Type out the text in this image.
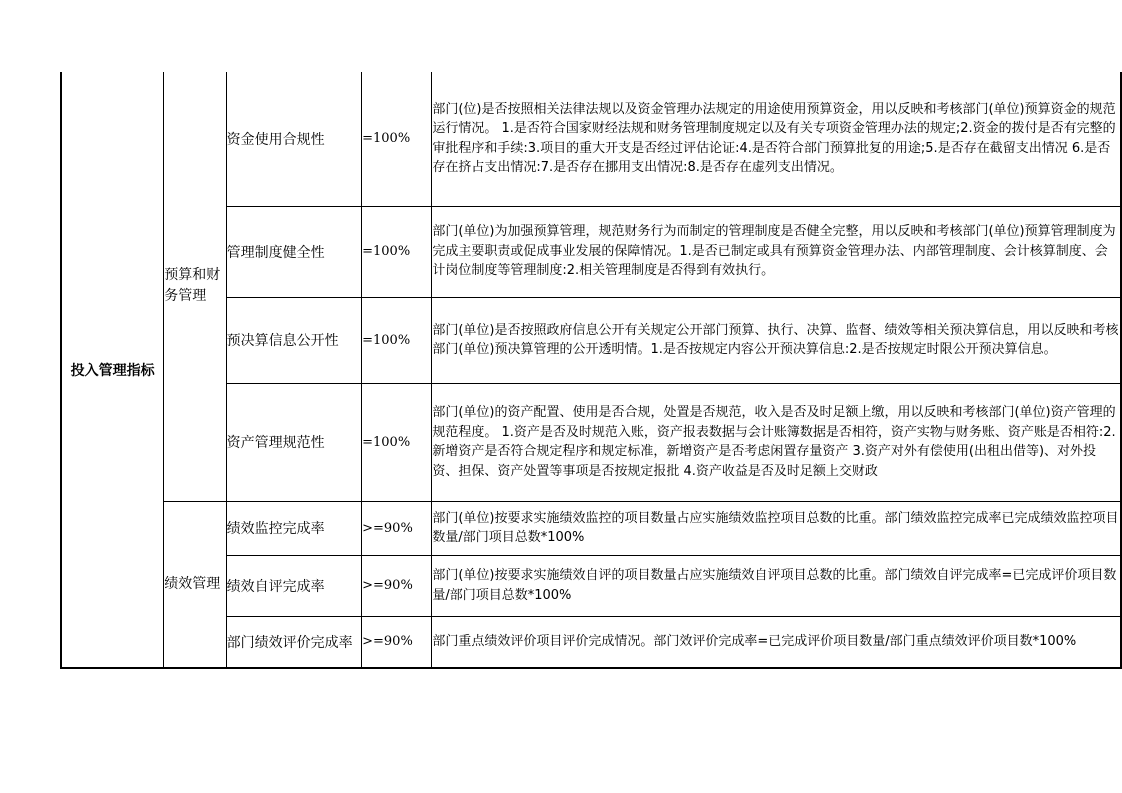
投入管理指标	预算和财务管理	资金使用合规性	=100%	部门(位)是否按照相关法律法规以及资金管理办法规定的用途使用预算资金，用以反映和考核部门(单位)预算资金的规范运行情况。 1.是否符合国家财经法规和财务管理制度规定以及有关专项资金管理办法的规定;2.资金的拨付是否有完整的审批程序和手续:3.项目的重大开支是否经过评估论证:4.是否符合部门预算批复的用途;5.是否存在截留支出情况 6.是否存在挤占支出情况:7.是否存在挪用支出情况:8.是否存在虚列支出情况。
		管理制度健全性	=100%	部门(单位)为加强预算管理，规范财务行为而制定的管理制度是否健全完整，用以反映和考核部门(单位)预算管理制度为完成主要职责或促成事业发展的保障情况。1.是否已制定或具有预算资金管理办法、内部管理制度、会计核算制度、会计岗位制度等管理制度:2.相关管理制度是否得到有效执行。
		预决算信息公开性	=100%	部门(单位)是否按照政府信息公开有关规定公开部门预算、执行、决算、监督、绩效等相关预决算信息，用以反映和考核部门(单位)预决算管理的公开透明情。1.是否按规定内容公开预决算信息:2.是否按规定时限公开预决算信息。
		资产管理规范性	=100%	部门(单位)的资产配置、使用是否合规，处置是否规范，收入是否及时足额上缴，用以反映和考核部门(单位)资产管理的规范程度。 1.资产是否及时规范入账，资产报表数据与会计账簿数据是否相符，资产实物与财务账、资产账是否相符:2.新增资产是否符合规定程序和规定标准，新增资产是否考虑闲置存量资产 3.资产对外有偿使用(出租出借等)、对外投资、担保、资产处置等事项是否按规定报批 4.资产收益是否及时足额上交财政
	绩效管理	绩效监控完成率	>=90%	部门(单位)按要求实施绩效监控的项目数量占应实施绩效监控项目总数的比重。部门绩效监控完成率已完成绩效监控项目数量/部门项目总数*100%
		绩效自评完成率	>=90%	部门(单位)按要求实施绩效自评的项目数量占应实施绩效自评项目总数的比重。部门绩效自评完成率=已完成评价项目数量/部门项目总数*100%
		部门绩效评价完成率	>=90%	部门重点绩效评价项目评价完成情况。部门效评价完成率=已完成评价项目数量/部门重点绩效评价项目数*100%
